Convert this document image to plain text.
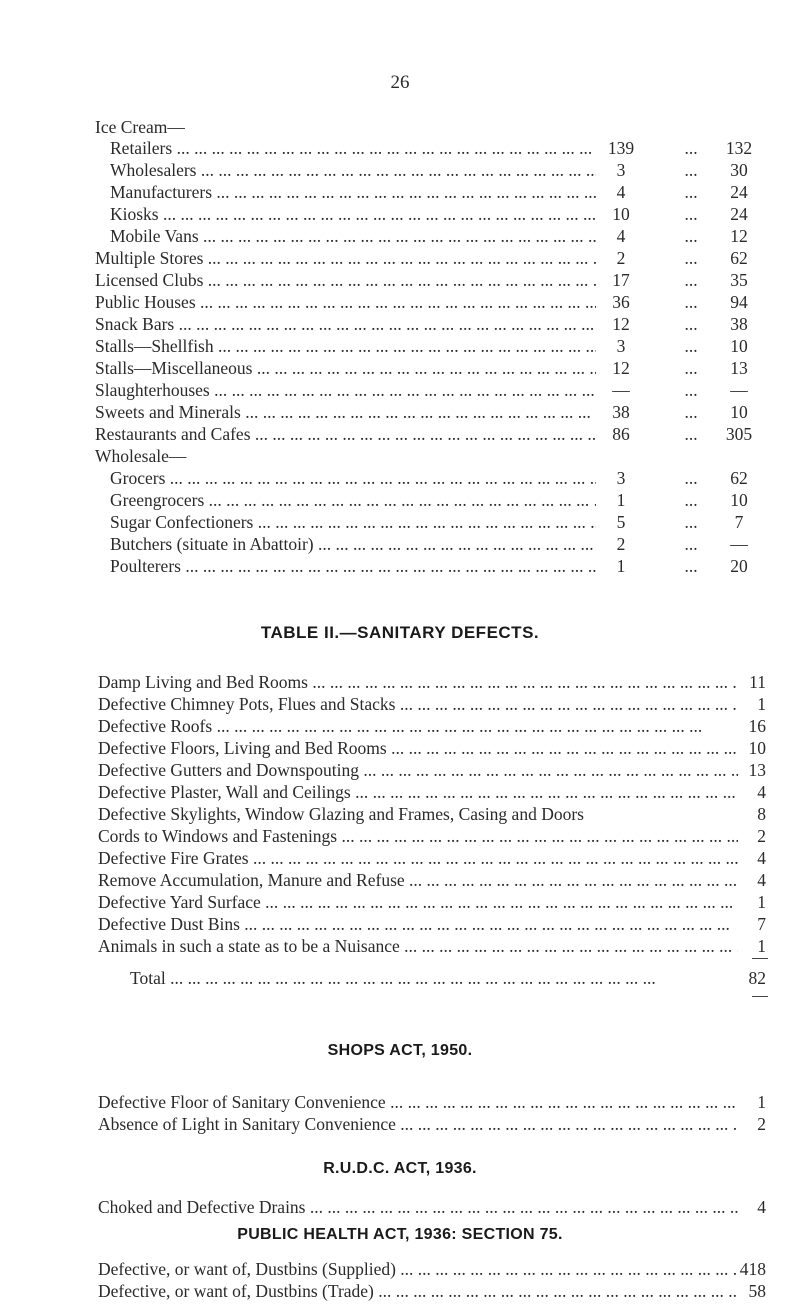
26
Ice Cream—
Retailers ... .	139	...	132
Wholesalers ... .	3	...	30
Manufacturers ... .	4	...	24
Kiosks ... .	10	...	24
Mobile Vans ... .	4	...	12
Multiple Stores ... .	2	...	62
Licensed Clubs ... .	17	...	35
Public Houses ... .	36	...	94
Snack Bars ... .	12	...	38
Stalls—Shellfish ... .	3	...	10
Stalls—Miscellaneous ... .	12	...	13
Slaughterhouses ... .	—	...	—
Sweets and Minerals ... .	38	...	10
Restaurants and Cafes ... .	86	...	305
Wholesale—
Grocers ... .	3	...	62
Greengrocers ... .	1	...	10
Sugar Confectioners ... .	5	...	7
Butchers (situate in Abattoir) ... .	2	...	—
Poulterers ... .	1	...	20
TABLE II.—SANITARY DEFECTS.
Damp Living and Bed Rooms ... .	11
Defective Chimney Pots, Flues and Stacks ... .	1
Defective Roofs ... .	16
Defective Floors, Living and Bed Rooms ... .	10
Defective Gutters and Downspouting ... .	13
Defective Plaster, Wall and Ceilings ... .	4
Defective Skylights, Window Glazing and Frames, Casing and Doors	8
Cords to Windows and Fastenings ... .	2
Defective Fire Grates ... .	4
Remove Accumulation, Manure and Refuse ... .	4
Defective Yard Surface ... .	1
Defective Dust Bins ... .	7
Animals in such a state as to be a Nuisance ... .	1
Total ... .	82
SHOPS ACT, 1950.
Defective Floor of Sanitary Convenience ... .	1
Absence of Light in Sanitary Convenience ... .	2
R.U.D.C. ACT, 1936.
Choked and Defective Drains ... .	4
PUBLIC HEALTH ACT, 1936: SECTION 75.
Defective, or want of, Dustbins (Supplied) ... .	418
Defective, or want of, Dustbins (Trade) ... .	58
